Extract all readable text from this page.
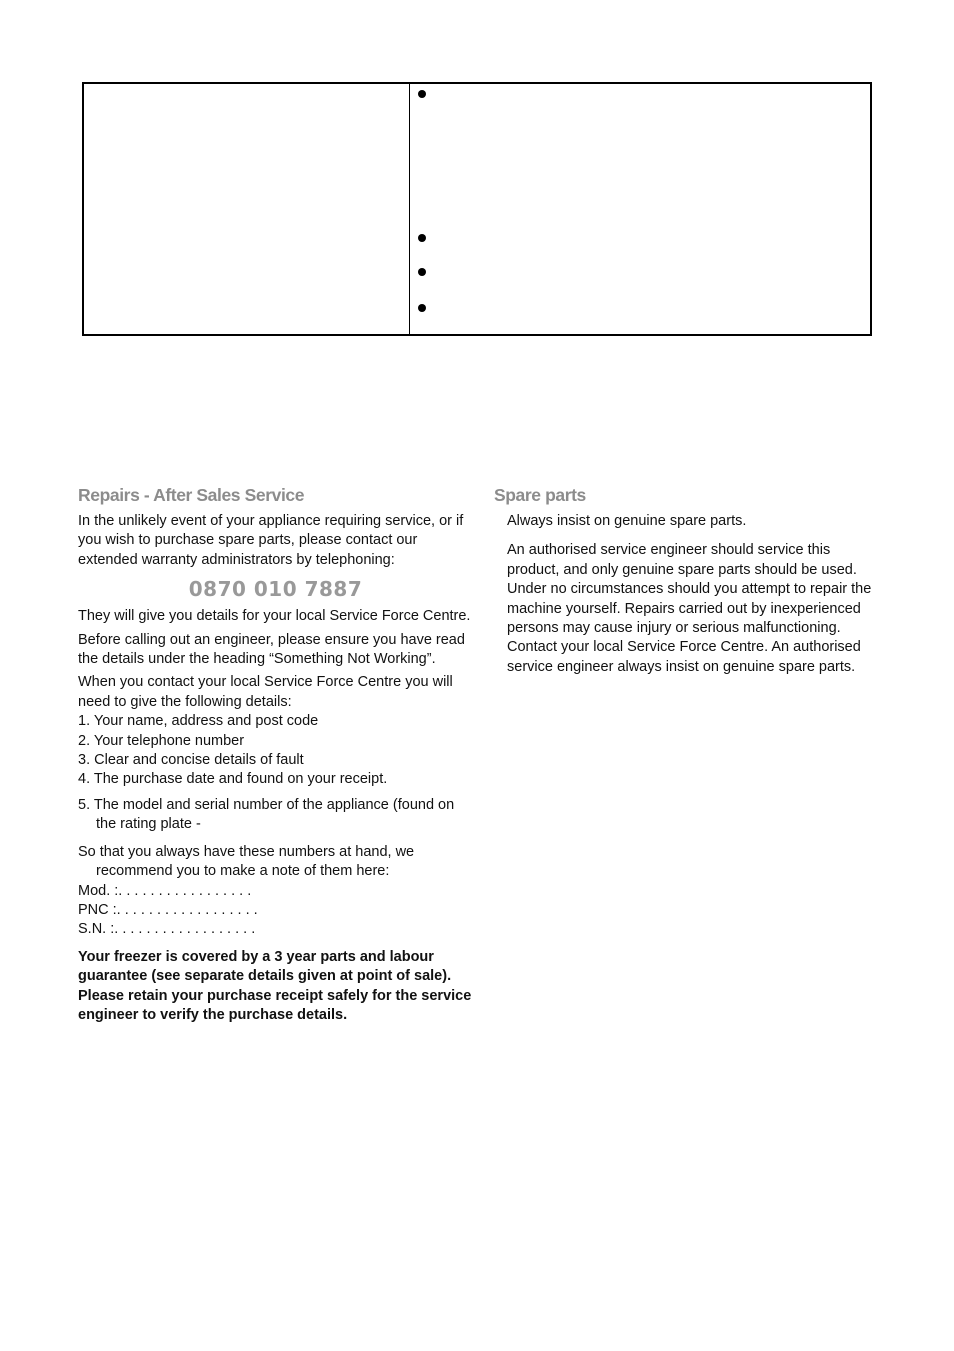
Repairs - After Sales Service

In the unlikely event of your appliance requiring service, or if you wish to purchase spare parts, please contact our extended warranty administrators by telephoning:

0870 010 7887

They will give you details for your local Service Force Centre.

Before calling out an engineer, please ensure you have read the details under the heading “Something Not Working”.

When you contact your local Service Force Centre you will need to give the following details:

1. Your name, address and post code
2. Your telephone number
3. Clear and concise details of fault
4. The purchase date and found on your receipt.
5. The model and serial number of the appliance (found on the rating plate -
So that you always have these numbers at hand, we recommend you to make a note of them here:
Mod. :. . . . . . . . . . . . . . . . .
PNC :. . . . . . . . . . . . . . . . . .
S.N. :. . . . . . . . . . . . . . . . . .
Your freezer is covered by a 3 year parts and labour guarantee (see separate details given at point of sale). Please retain your purchase receipt safely for the service engineer to verify the purchase details.
Spare parts

Always insist on genuine spare parts.

An authorised service engineer should service this product, and only genuine spare parts should be used. Under no circumstances should you attempt to repair the machine yourself. Repairs carried out by inexperienced persons may cause injury or serious malfunctioning. Contact your local Service Force Centre. An authorised service engineer always insist on genuine spare parts.
